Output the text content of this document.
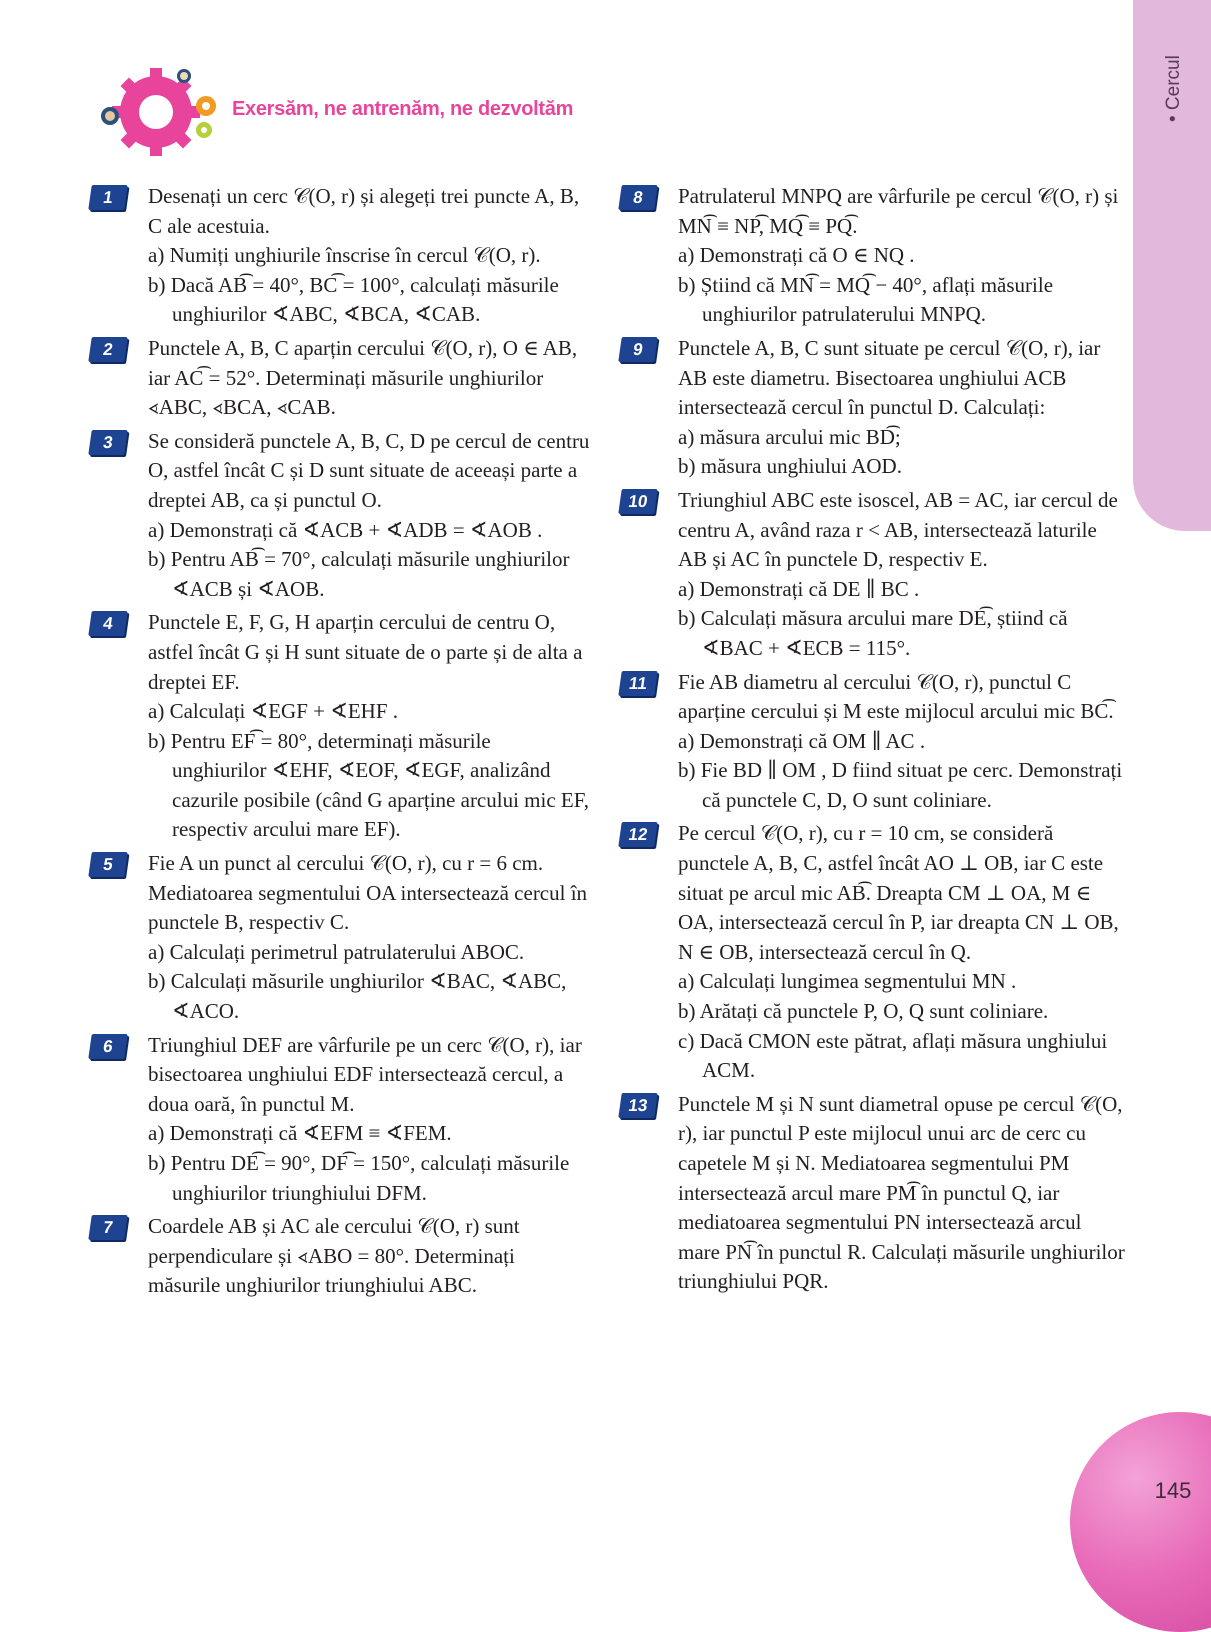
• Cercul
145
Exersăm, ne antrenăm, ne dezvoltăm
1	Desenați un cerc 𝒞(O, r) și alegeți trei puncte A, B, C ale acestuia.
a) Numiți unghiurile înscrise în cercul 𝒞(O, r).
b) Dacă AB͡ = 40°, BC͡ = 100°, calculați măsurile unghiurilor ∢ABC, ∢BCA, ∢CAB.
2	Punctele A, B, C aparțin cercului 𝒞(O, r), O ∈ AB, iar AC͡ = 52°. Determinați măsurile unghiurilor ∢ABC, ∢BCA, ∢CAB.
3	Se consideră punctele A, B, C, D pe cercul de centru O, astfel încât C și D sunt situate de aceeași parte a dreptei AB, ca și punctul O.
a) Demonstrați că ∢ACB + ∢ADB = ∢AOB .
b) Pentru AB͡ = 70°, calculați măsurile unghiurilor ∢ACB și ∢AOB.
4	Punctele E, F, G, H aparțin cercului de centru O, astfel încât G și H sunt situate de o parte și de alta a dreptei EF.
a) Calculați ∢EGF + ∢EHF .
b) Pentru EF͡ = 80°, determinați măsurile unghiurilor ∢EHF, ∢EOF, ∢EGF, analizând cazurile posibile (când G aparține arcului mic EF, respectiv arcului mare EF).
5	Fie A un punct al cercului 𝒞(O, r), cu r = 6 cm. Mediatoarea segmentului OA intersectează cercul în punctele B, respectiv C.
a) Calculați perimetrul patrulaterului ABOC.
b) Calculați măsurile unghiurilor ∢BAC, ∢ABC, ∢ACO.
6	Triunghiul DEF are vârfurile pe un cerc 𝒞(O, r), iar bisectoarea unghiului EDF intersectează cercul, a doua oară, în punctul M.
a) Demonstrați că ∢EFM ≡ ∢FEM.
b) Pentru DE͡ = 90°, DF͡ = 150°, calculați măsurile unghiurilor triunghiului DFM.
7	Coardele AB și AC ale cercului 𝒞(O, r) sunt perpendiculare și ∢ABO = 80°. Determinați măsurile unghiurilor triunghiului ABC.
8	Patrulaterul MNPQ are vârfurile pe cercul 𝒞(O, r) și MN͡ ≡ NP͡, MQ͡ ≡ PQ͡.
a) Demonstrați că O ∈ NQ .
b) Știind că MN͡ = MQ͡ − 40°, aflați măsurile unghiurilor patrulaterului MNPQ.
9	Punctele A, B, C sunt situate pe cercul 𝒞(O, r), iar AB este diametru. Bisectoarea unghiului ACB intersectează cercul în punctul D. Calculați:
a) măsura arcului mic BD͡;
b) măsura unghiului AOD.
10	Triunghiul ABC este isoscel, AB = AC, iar cercul de centru A, având raza r < AB, intersectează laturile AB și AC în punctele D, respectiv E.
a) Demonstrați că DE ∥ BC .
b) Calculați măsura arcului mare DE͡, știind că ∢BAC + ∢ECB = 115°.
11	Fie AB diametru al cercului 𝒞(O, r), punctul C aparține cercului și M este mijlocul arcului mic BC͡.
a) Demonstrați că OM ∥ AC .
b) Fie BD ∥ OM , D fiind situat pe cerc. Demonstrați că punctele C, D, O sunt coliniare.
12	Pe cercul 𝒞(O, r), cu r = 10 cm, se consideră punctele A, B, C, astfel încât AO ⊥ OB, iar C este situat pe arcul mic AB͡. Dreapta CM ⊥ OA, M ∈ OA, intersectează cercul în P, iar dreapta CN ⊥ OB, N ∈ OB, intersectează cercul în Q.
a) Calculați lungimea segmentului MN .
b) Arătați că punctele P, O, Q sunt coliniare.
c) Dacă CMON este pătrat, aflați măsura unghiului ACM.
13	Punctele M și N sunt diametral opuse pe cercul 𝒞(O, r), iar punctul P este mijlocul unui arc de cerc cu capetele M și N. Mediatoarea segmentului PM intersectează arcul mare PM͡ în punctul Q, iar mediatoarea segmentului PN intersectează arcul mare PN͡ în punctul R. Calculați măsurile unghiurilor triunghiului PQR.
